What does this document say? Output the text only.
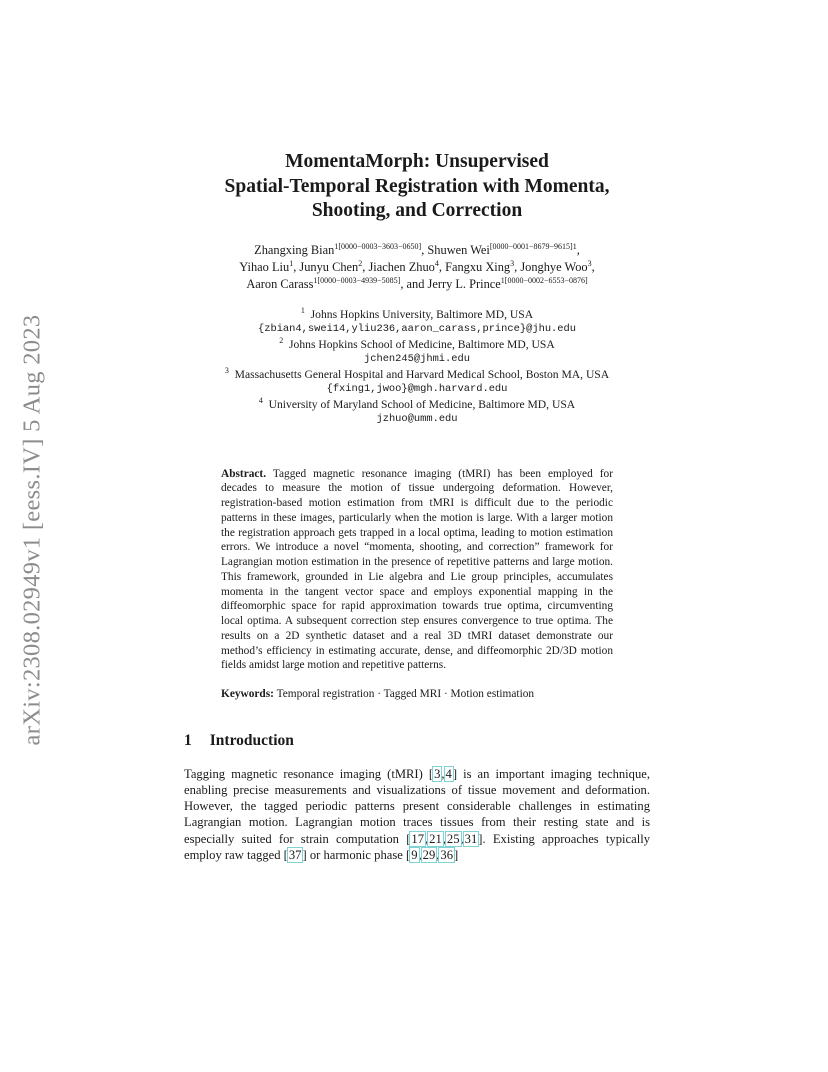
arXiv:2308.02949v1 [eess.IV] 5 Aug 2023
MomentaMorph: Unsupervised
Spatial-Temporal Registration with Momenta,
Shooting, and Correction
Zhangxing Bian$^{1[0000-0003-3603-0650]}$, Shuwen Wei$^{[0000-0001-8679-9615]1}$,
Yihao Liu$^1$, Junyu Chen$^2$, Jiachen Zhuo$^4$, Fangxu Xing$^3$, Jonghye Woo$^3$,
Aaron Carass$^{1[0000-0003-4939-5085]}$, and Jerry L. Prince$^{1[0000-0002-6553-0876]}$
$^1$ Johns Hopkins University, Baltimore MD, USA
{zbian4,swei14,yliu236,aaron_carass,prince}@jhu.edu
$^2$ Johns Hopkins School of Medicine, Baltimore MD, USA
jchen245@jhmi.edu
$^3$ Massachusetts General Hospital and Harvard Medical School, Boston MA, USA
{fxing1,jwoo}@mgh.harvard.edu
$^4$ University of Maryland School of Medicine, Baltimore MD, USA
jzhuo@umm.edu

Abstract. Tagged magnetic resonance imaging (tMRI) has been employed for decades to measure the motion of tissue undergoing deformation. However, registration-based motion estimation from tMRI is difficult due to the periodic patterns in these images, particularly when the motion is large. With a larger motion the registration approach gets trapped in a local optima, leading to motion estimation errors. We introduce a novel “momenta, shooting, and correction” framework for Lagrangian motion estimation in the presence of repetitive patterns and large motion. This framework, grounded in Lie algebra and Lie group principles, accumulates momenta in the tangent vector space and employs exponential mapping in the diffeomorphic space for rapid approximation towards true optima, circumventing local optima. A subsequent correction step ensures convergence to true optima. The results on a 2D synthetic dataset and a real 3D tMRI dataset demonstrate our method’s efficiency in estimating accurate, dense, and diffeomorphic 2D/3D motion fields amidst large motion and repetitive patterns.

Keywords: Temporal registration · Tagged MRI · Motion estimation

1 Introduction

Tagging magnetic resonance imaging (tMRI) [3,4] is an important imaging technique, enabling precise measurements and visualizations of tissue movement and deformation. However, the tagged periodic patterns present considerable challenges in estimating Lagrangian motion. Lagrangian motion traces tissues from their resting state and is especially suited for strain computation [17,21,25,31]. Existing approaches typically employ raw tagged [37] or harmonic phase [9,29,36]
